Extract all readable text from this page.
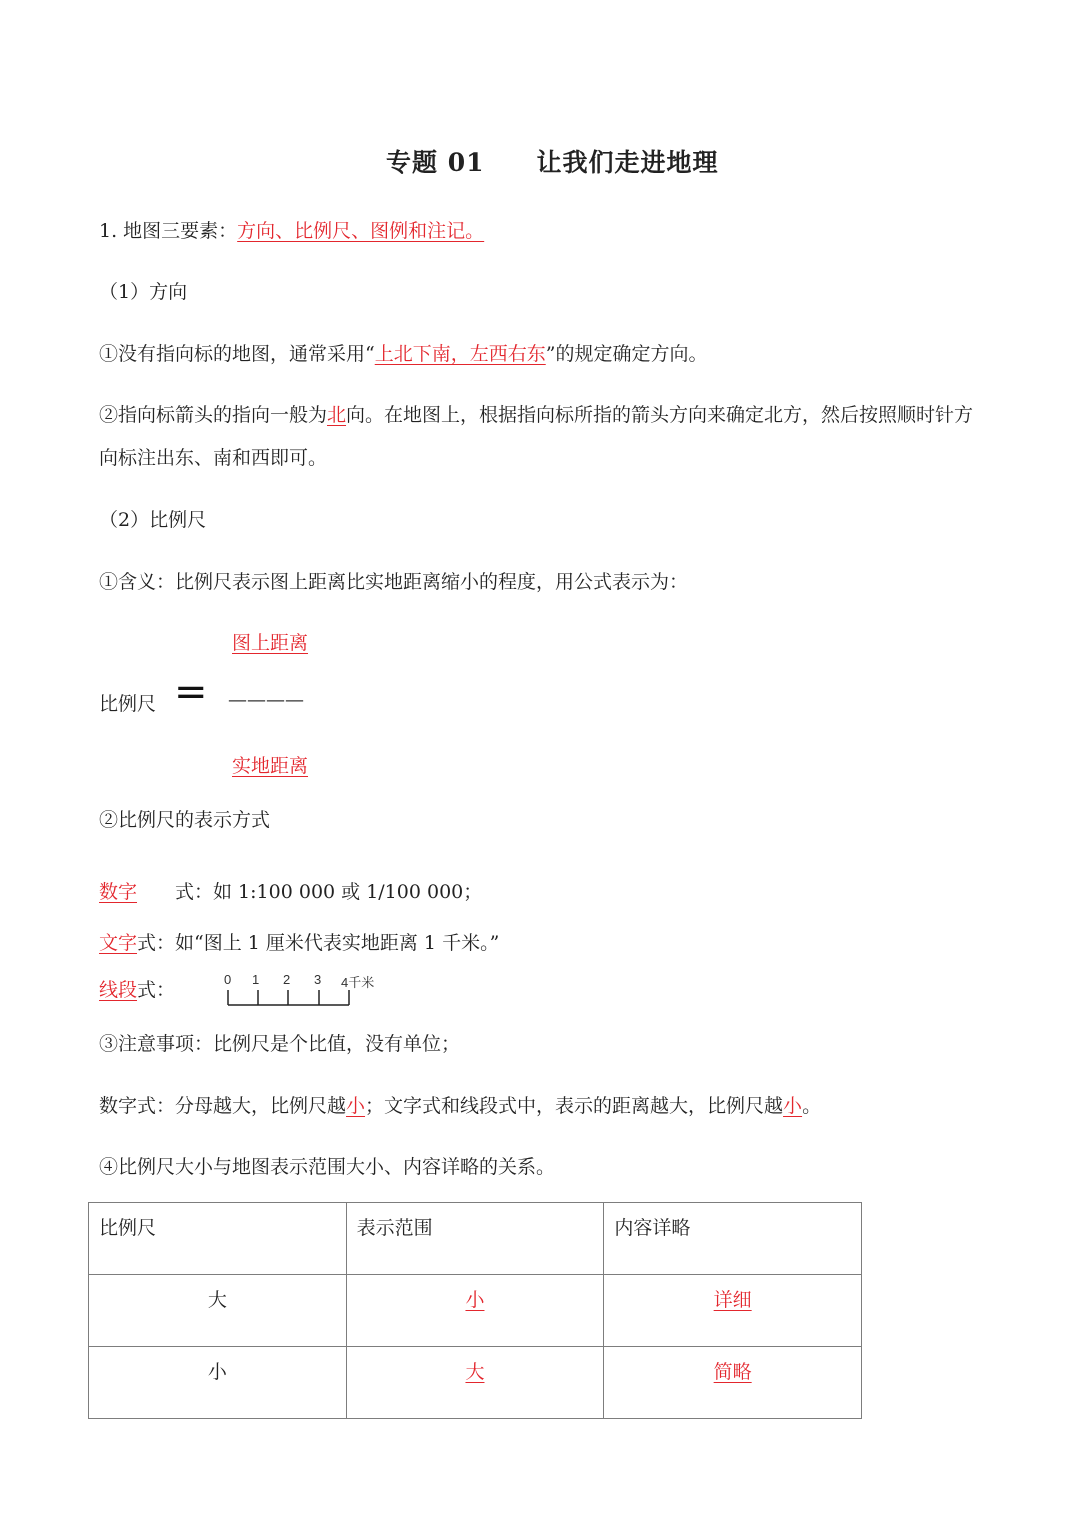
专题 01 让我们走进地理
1. 地图三要素：方向、比例尺、图例和注记。
（1）方向
①没有指向标的地图，通常采用“上北下南，左西右东”的规定确定方向。
②指向标箭头的指向一般为北向。在地图上，根据指向标所指的箭头方向来确定北方，然后按照顺时针方
向标注出东、南和西即可。
（2）比例尺
①含义：比例尺表示图上距离比实地距离缩小的程度，用公式表示为：
图上距离
比例尺 = ————
实地距离
②比例尺的表示方式
数字 式：如 1:100 000 或 1/100 000；
文字式：如“图上 1 厘米代表实地距离 1 千米。”
线段式：	0 1 2 3 4千米
③注意事项：比例尺是个比值，没有单位；
数字式：分母越大，比例尺越小；文字式和线段式中，表示的距离越大，比例尺越小。
④比例尺大小与地图表示范围大小、内容详略的关系。
比例尺	表示范围	内容详略
大	小	详细
小	大	简略
